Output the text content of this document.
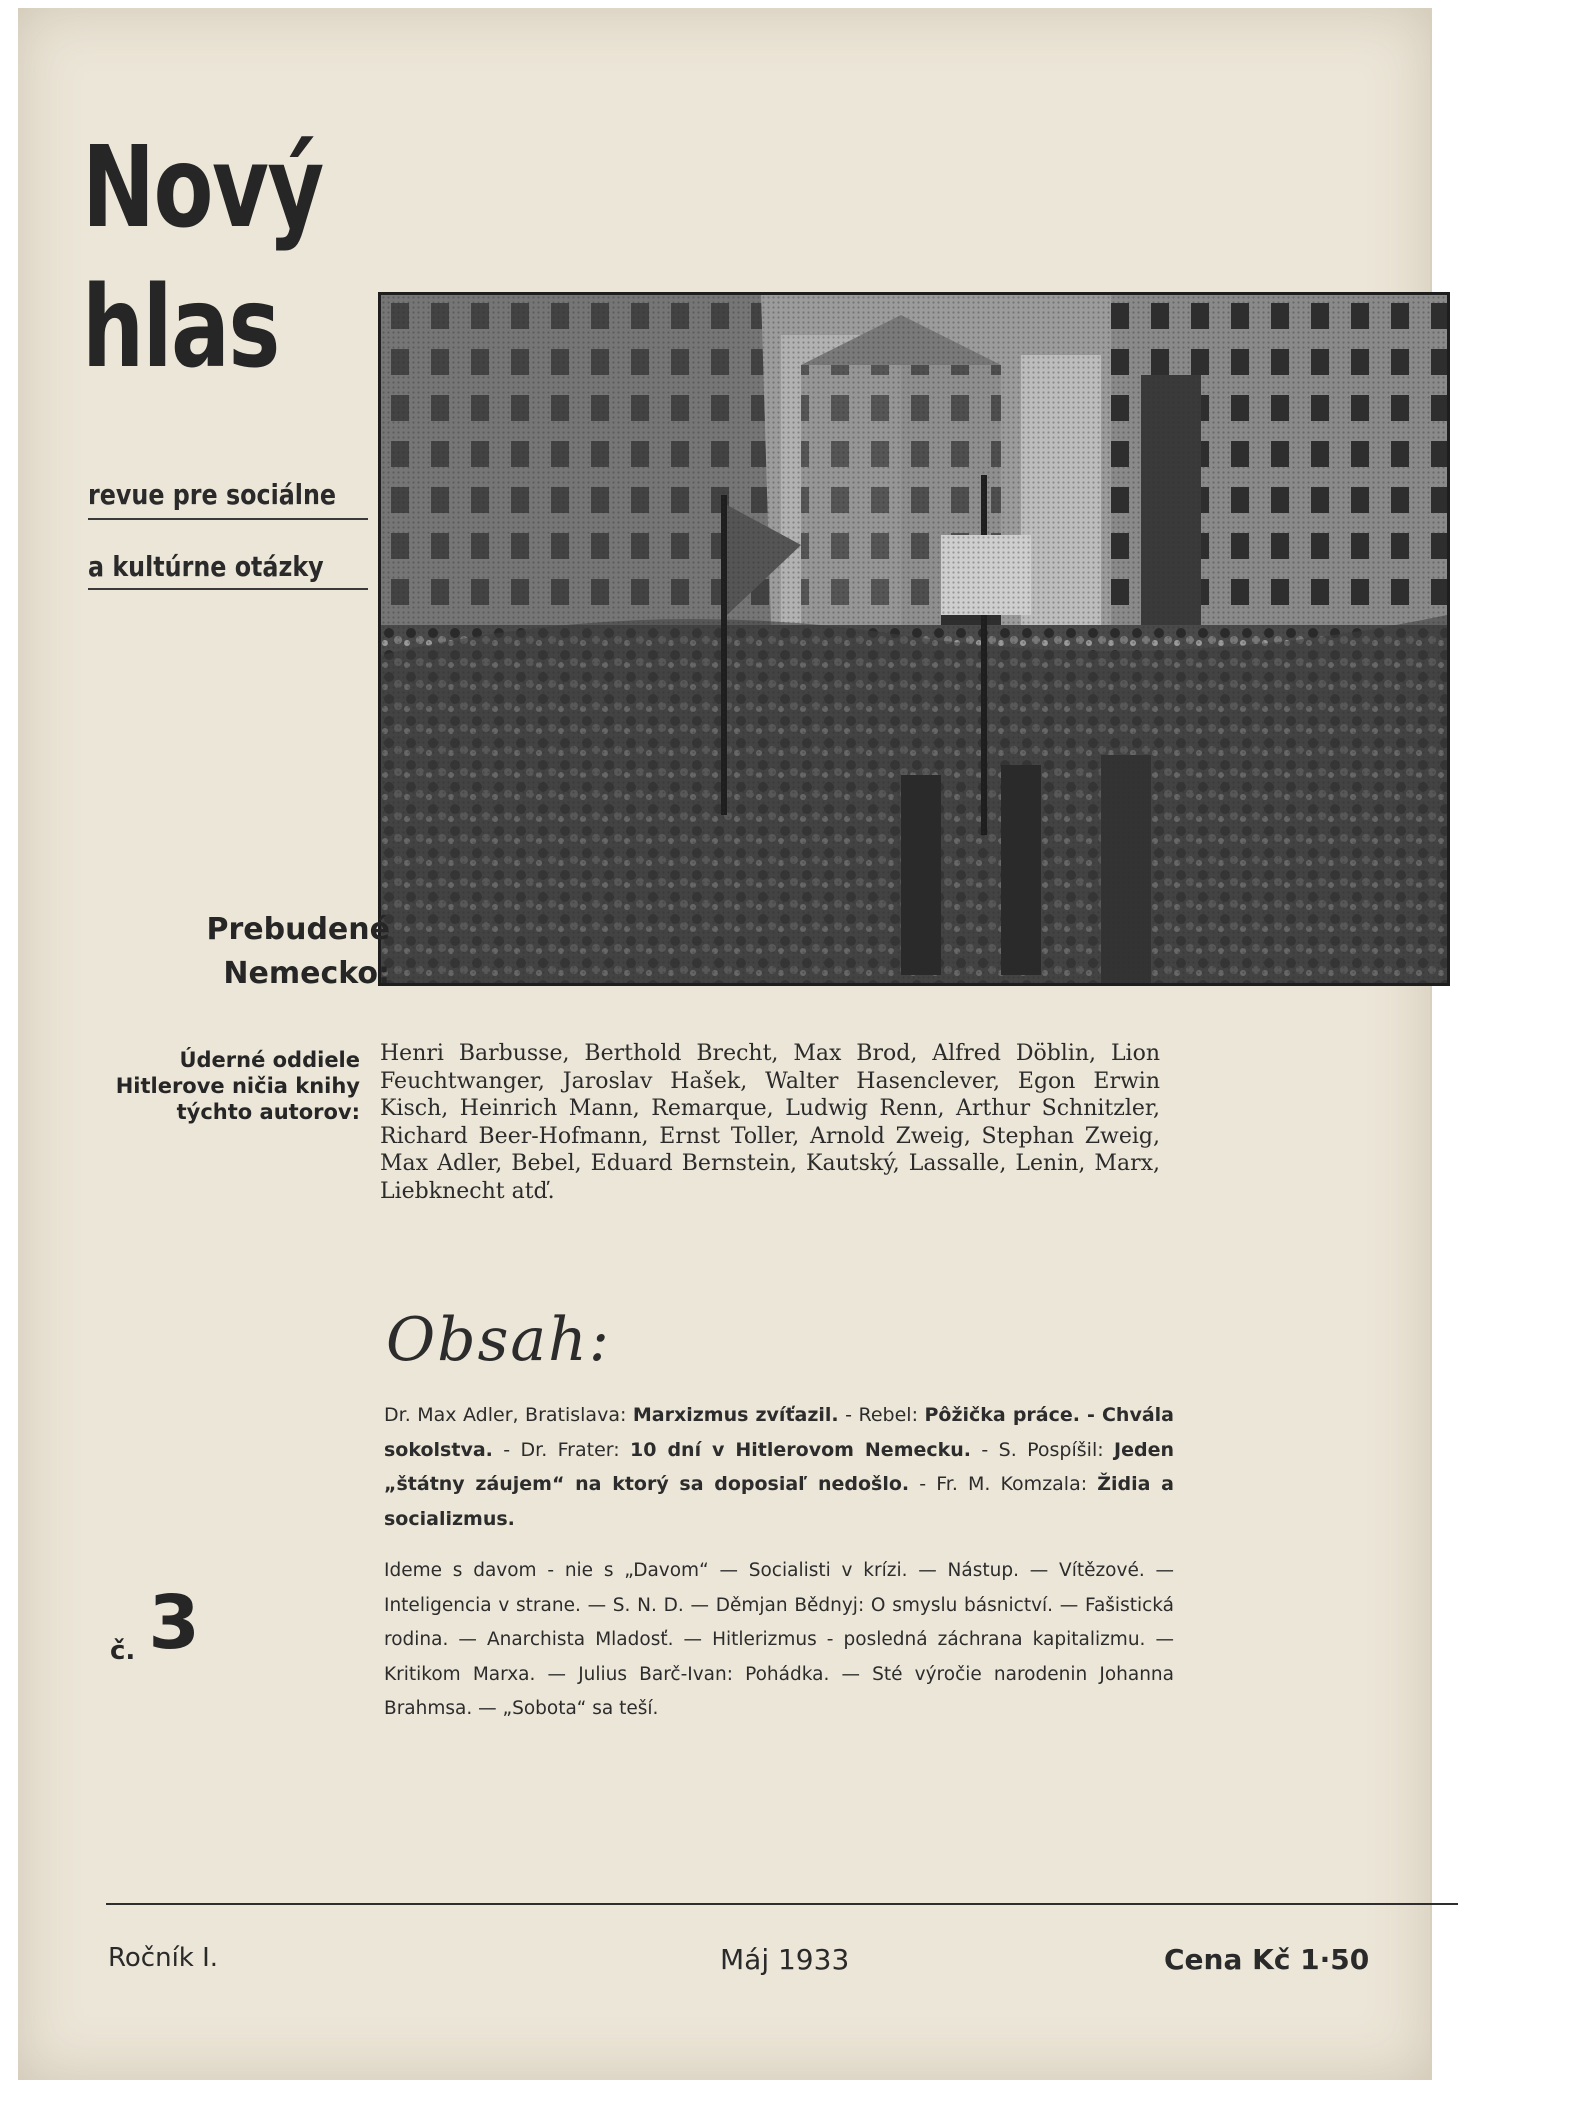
Nový
hlas
revue pre sociálne
a kultúrne otázky
Prebudené
Nemecko:
Úderné oddiele
Hitlerove ničia knihy
týchto autorov:
Henri Barbusse, Berthold Brecht, Max Brod, Alfred Döblin, Lion Feuchtwanger, Jaroslav Hašek, Walter Hasenclever, Egon Erwin Kisch, Heinrich Mann, Remarque, Ludwig Renn, Arthur Schnitzler, Richard Beer-Hofmann, Ernst Toller, Arnold Zweig, Stephan Zweig, Max Adler, Bebel, Eduard Bernstein, Kautský, Lassalle, Lenin, Marx, Liebknecht atď.
Obsah:
Dr. Max Adler, Bratislava: Marxizmus zvíťazil. - Rebel: Pôžička práce. - Chvála sokolstva. - Dr. Frater: 10 dní v Hitlerovom Nemecku. - S. Pospíšil: Jeden „štátny záujem“ na ktorý sa doposiaľ nedošlo. - Fr. M. Komzala: Židia a socializmus.
Ideme s davom - nie s „Davom“ — Socialisti v krízi. — Nástup. — Vítězové. — Inteligencia v strane. — S. N. D. — Děmjan Bědnyj: O smyslu básnictví. — Fašistická rodina. — Anarchista Mladosť. — Hitlerizmus - posledná záchrana kapitalizmu. — Kritikom Marxa. — Julius Barč-Ivan: Pohádka. — Sté výročie narodenin Johanna Brahmsa. — „Sobota“ sa teší.
č. 3
Ročník I.	Máj 1933	Cena Kč 1·50
